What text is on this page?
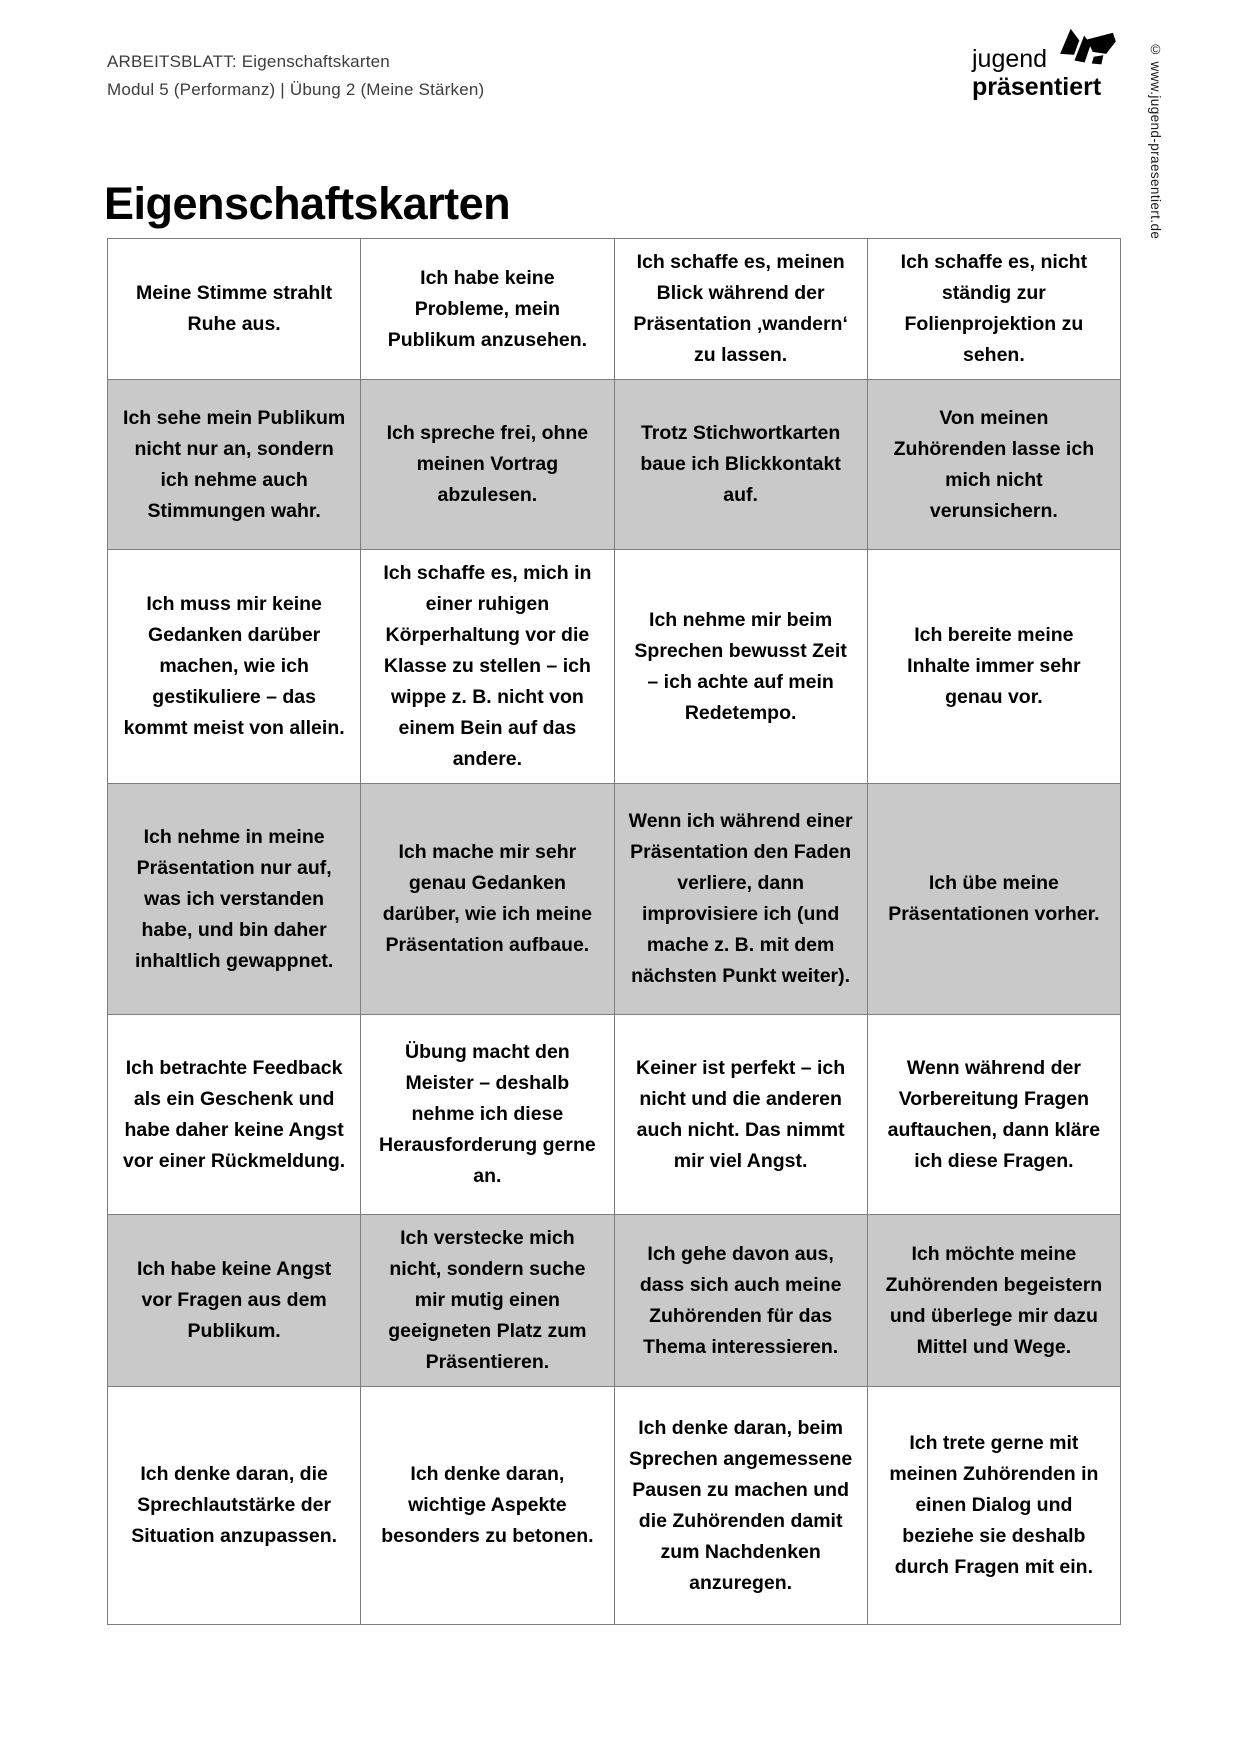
ARBEITSBLATT: Eigenschaftskarten
Modul 5 (Performanz) | Übung 2 (Meine Stärken)
jugend
präsentiert	© www.jugend-praesentiert.de
Eigenschaftskarten
Meine Stimme strahlt Ruhe aus.	Ich habe keine Probleme, mein Publikum anzusehen.	Ich schaffe es, meinen Blick während der Präsentation ‚wandern‘ zu lassen.	Ich schaffe es, nicht ständig zur Folienprojektion zu sehen.
Ich sehe mein Publikum nicht nur an, sondern ich nehme auch Stimmungen wahr.	Ich spreche frei, ohne meinen Vortrag abzulesen.	Trotz Stichwortkarten baue ich Blickkontakt auf.	Von meinen Zuhörenden lasse ich mich nicht verunsichern.
Ich muss mir keine Gedanken darüber machen, wie ich gestikuliere – das kommt meist von allein.	Ich schaffe es, mich in einer ruhigen Körperhaltung vor die Klasse zu stellen – ich wippe z. B. nicht von einem Bein auf das andere.	Ich nehme mir beim Sprechen bewusst Zeit – ich achte auf mein Redetempo.	Ich bereite meine Inhalte immer sehr genau vor.
Ich nehme in meine Präsentation nur auf, was ich verstanden habe, und bin daher inhaltlich gewappnet.	Ich mache mir sehr genau Gedanken darüber, wie ich meine Präsentation aufbaue.	Wenn ich während einer Präsentation den Faden verliere, dann improvisiere ich (und mache z. B. mit dem nächsten Punkt weiter).	Ich übe meine Präsentationen vorher.
Ich betrachte Feedback als ein Geschenk und habe daher keine Angst vor einer Rückmeldung.	Übung macht den Meister – deshalb nehme ich diese Herausforderung gerne an.	Keiner ist perfekt – ich nicht und die anderen auch nicht. Das nimmt mir viel Angst.	Wenn während der Vorbereitung Fragen auftauchen, dann kläre ich diese Fragen.
Ich habe keine Angst vor Fragen aus dem Publikum.	Ich verstecke mich nicht, sondern suche mir mutig einen geeigneten Platz zum Präsentieren.	Ich gehe davon aus, dass sich auch meine Zuhörenden für das Thema interessieren.	Ich möchte meine Zuhörenden begeistern und überlege mir dazu Mittel und Wege.
Ich denke daran, die Sprechlautstärke der Situation anzupassen.	Ich denke daran, wichtige Aspekte besonders zu betonen.	Ich denke daran, beim Sprechen angemessene Pausen zu machen und die Zuhörenden damit zum Nachdenken anzuregen.	Ich trete gerne mit meinen Zuhörenden in einen Dialog und beziehe sie deshalb durch Fragen mit ein.
